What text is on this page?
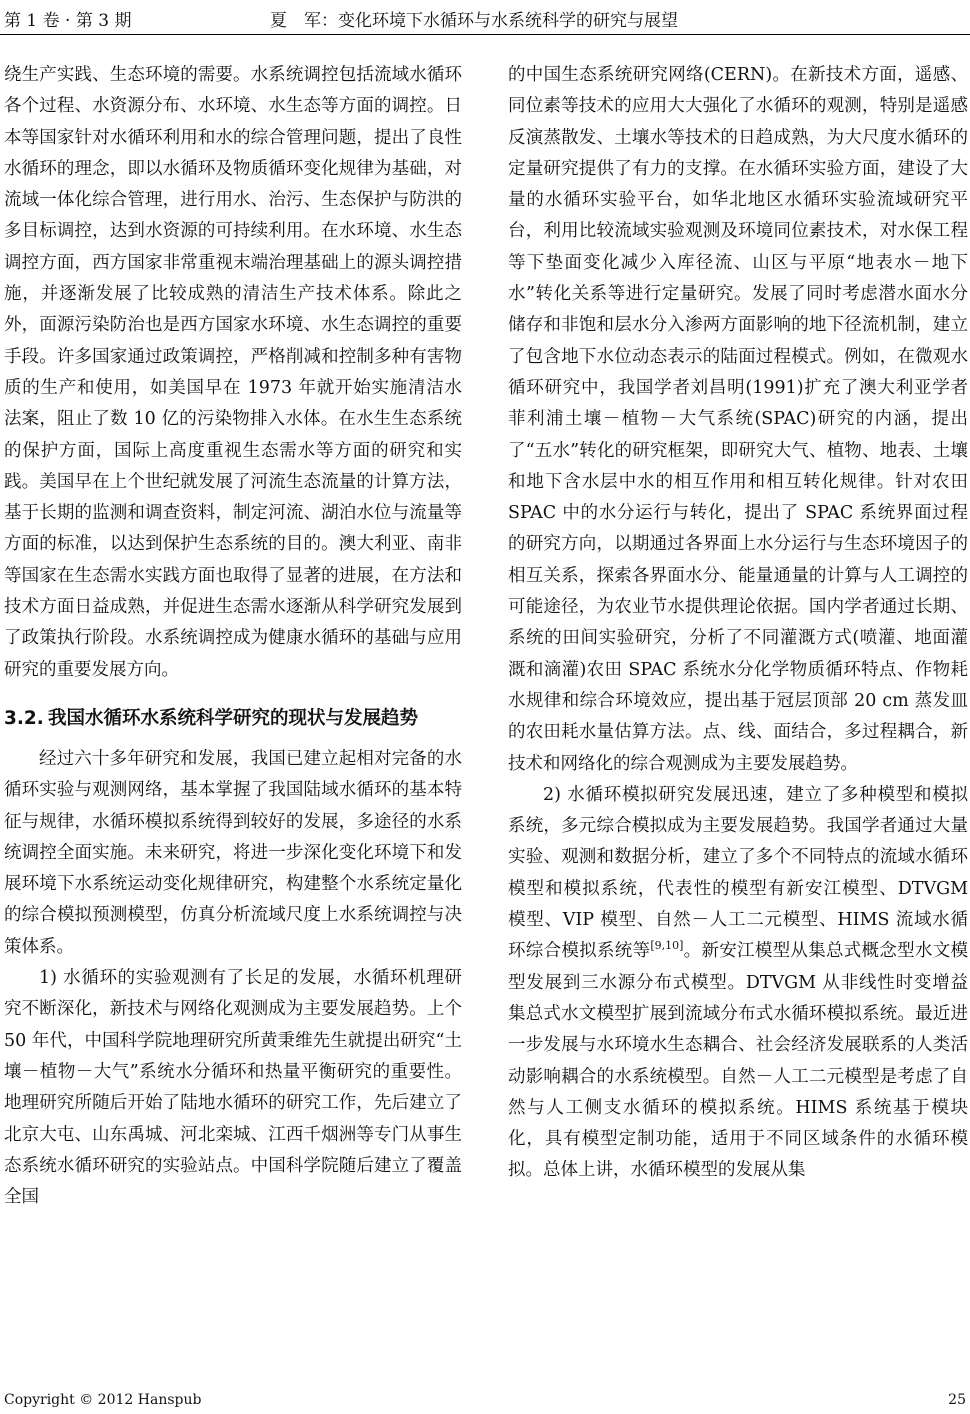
第 1 卷 · 第 3 期	夏　军：变化环境下水循环与水系统科学的研究与展望

绕生产实践、生态环境的需要。水系统调控包括流域水循环各个过程、水资源分布、水环境、水生态等方面的调控。日本等国家针对水循环利用和水的综合管理问题，提出了良性水循环的理念，即以水循环及物质循环变化规律为基础，对流域一体化综合管理，进行用水、治污、生态保护与防洪的多目标调控，达到水资源的可持续利用。在水环境、水生态调控方面，西方国家非常重视末端治理基础上的源头调控措施，并逐渐发展了比较成熟的清洁生产技术体系。除此之外，面源污染防治也是西方国家水环境、水生态调控的重要手段。许多国家通过政策调控，严格削减和控制多种有害物质的生产和使用，如美国早在 1973 年就开始实施清洁水法案，阻止了数 10 亿的污染物排入水体。在水生生态系统的保护方面，国际上高度重视生态需水等方面的研究和实践。美国早在上个世纪就发展了河流生态流量的计算方法，基于长期的监测和调查资料，制定河流、湖泊水位与流量等方面的标准，以达到保护生态系统的目的。澳大利亚、南非等国家在生态需水实践方面也取得了显著的进展，在方法和技术方面日益成熟，并促进生态需水逐渐从科学研究发展到了政策执行阶段。水系统调控成为健康水循环的基础与应用研究的重要发展方向。

3.2. 我国水循环水系统科学研究的现状与发展趋势

经过六十多年研究和发展，我国已建立起相对完备的水循环实验与观测网络，基本掌握了我国陆域水循环的基本特征与规律，水循环模拟系统得到较好的发展，多途径的水系统调控全面实施。未来研究，将进一步深化变化环境下和发展环境下水系统运动变化规律研究，构建整个水系统定量化的综合模拟预测模型，仿真分析流域尺度上水系统调控与决策体系。

1) 水循环的实验观测有了长足的发展，水循环机理研究不断深化，新技术与网络化观测成为主要发展趋势。上个 50 年代，中国科学院地理研究所黄秉维先生就提出研究“土壤－植物－大气”系统水分循环和热量平衡研究的重要性。地理研究所随后开始了陆地水循环的研究工作，先后建立了北京大屯、山东禹城、河北栾城、江西千烟洲等专门从事生态系统水循环研究的实验站点。中国科学院随后建立了覆盖全国

的中国生态系统研究网络(CERN)。在新技术方面，遥感、同位素等技术的应用大大强化了水循环的观测，特别是遥感反演蒸散发、土壤水等技术的日趋成熟，为大尺度水循环的定量研究提供了有力的支撑。在水循环实验方面，建设了大量的水循环实验平台，如华北地区水循环实验流域研究平台，利用比较流域实验观测及环境同位素技术，对水保工程等下垫面变化减少入库径流、山区与平原“地表水－地下水”转化关系等进行定量研究。发展了同时考虑潜水面水分储存和非饱和层水分入渗两方面影响的地下径流机制，建立了包含地下水位动态表示的陆面过程模式。例如，在微观水循环研究中，我国学者刘昌明(1991)扩充了澳大利亚学者菲利浦土壤－植物－大气系统(SPAC)研究的内涵，提出了“五水”转化的研究框架，即研究大气、植物、地表、土壤和地下含水层中水的相互作用和相互转化规律。针对农田 SPAC 中的水分运行与转化，提出了 SPAC 系统界面过程的研究方向，以期通过各界面上水分运行与生态环境因子的相互关系，探索各界面水分、能量通量的计算与人工调控的可能途径，为农业节水提供理论依据。国内学者通过长期、系统的田间实验研究，分析了不同灌溉方式(喷灌、地面灌溉和滴灌)农田 SPAC 系统水分化学物质循环特点、作物耗水规律和综合环境效应，提出基于冠层顶部 20 cm 蒸发皿的农田耗水量估算方法。点、线、面结合，多过程耦合，新技术和网络化的综合观测成为主要发展趋势。

2) 水循环模拟研究发展迅速，建立了多种模型和模拟系统，多元综合模拟成为主要发展趋势。我国学者通过大量实验、观测和数据分析，建立了多个不同特点的流域水循环模型和模拟系统，代表性的模型有新安江模型、DTVGM 模型、VIP 模型、自然－人工二元模型、HIMS 流域水循环综合模拟系统等[9,10]。新安江模型从集总式概念型水文模型发展到三水源分布式模型。DTVGM 从非线性时变增益集总式水文模型扩展到流域分布式水循环模拟系统。最近进一步发展与水环境水生态耦合、社会经济发展联系的人类活动影响耦合的水系统模型。自然－人工二元模型是考虑了自然与人工侧支水循环的模拟系统。HIMS 系统基于模块化，具有模型定制功能，适用于不同区域条件的水循环模拟。总体上讲，水循环模型的发展从集

Copyright © 2012 Hanspub	25
